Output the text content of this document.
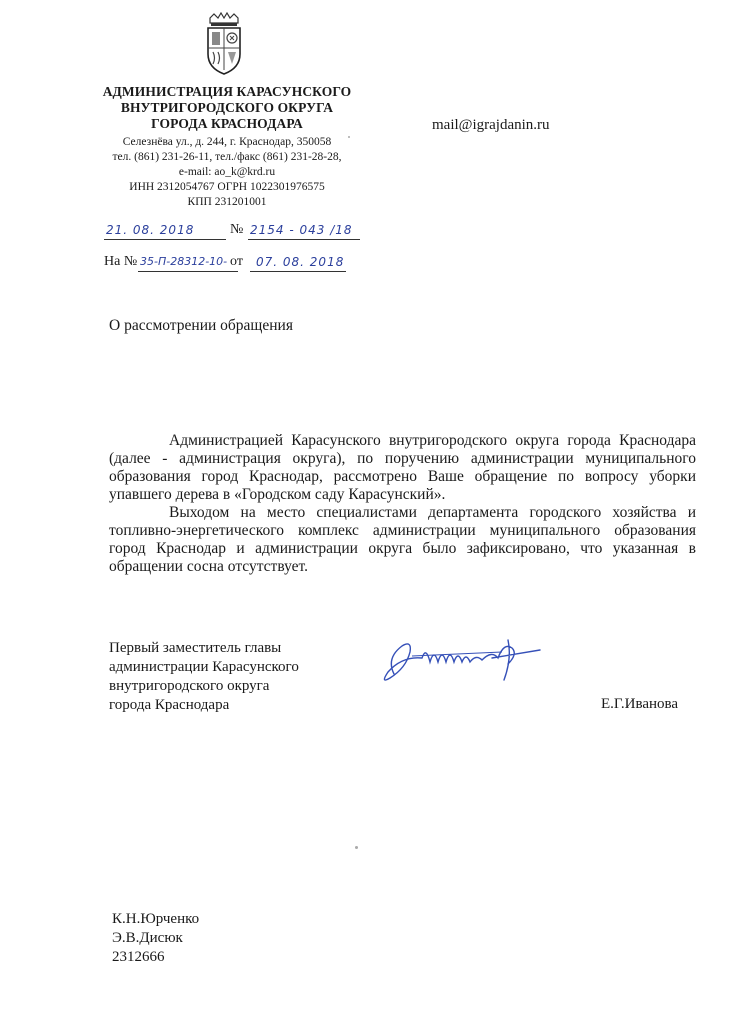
АДМИНИСТРАЦИЯ КАРАСУНСКОГО
ВНУТРИГОРОДСКОГО ОКРУГА
ГОРОДА КРАСНОДАРА
Селезнёва ул., д. 244, г. Краснодар, 350058
тел. (861) 231-26-11, тел./факс (861) 231-28-28,
e-mail: ao_k@krd.ru
ИНН 2312054767 ОГРН 1022301976575
КПП 231201001
mail@igrajdanin.ru
21. 08. 2018	№ 2154 - 043 /18
На № 35-П-28312-10- от 07. 08. 2018
О рассмотрении обращения

Администрацией Карасунского внутригородского округа города Краснодара (далее - администрация округа), по поручению администрации муниципального образования город Краснодар, рассмотрено Ваше обращение по вопросу уборки упавшего дерева в «Городском саду Карасунский».

Выходом на место специалистами департамента городского хозяйства и топливно-энергетического комплекс администрации муниципального образования город Краснодар и администрации округа было зафиксировано, что указанная в обращении сосна отсутствует.

Первый заместитель главы
администрации Карасунского
внутригородского округа
города Краснодара	Е.Г.Иванова
К.Н.Юрченко
Э.В.Дисюк
2312666
